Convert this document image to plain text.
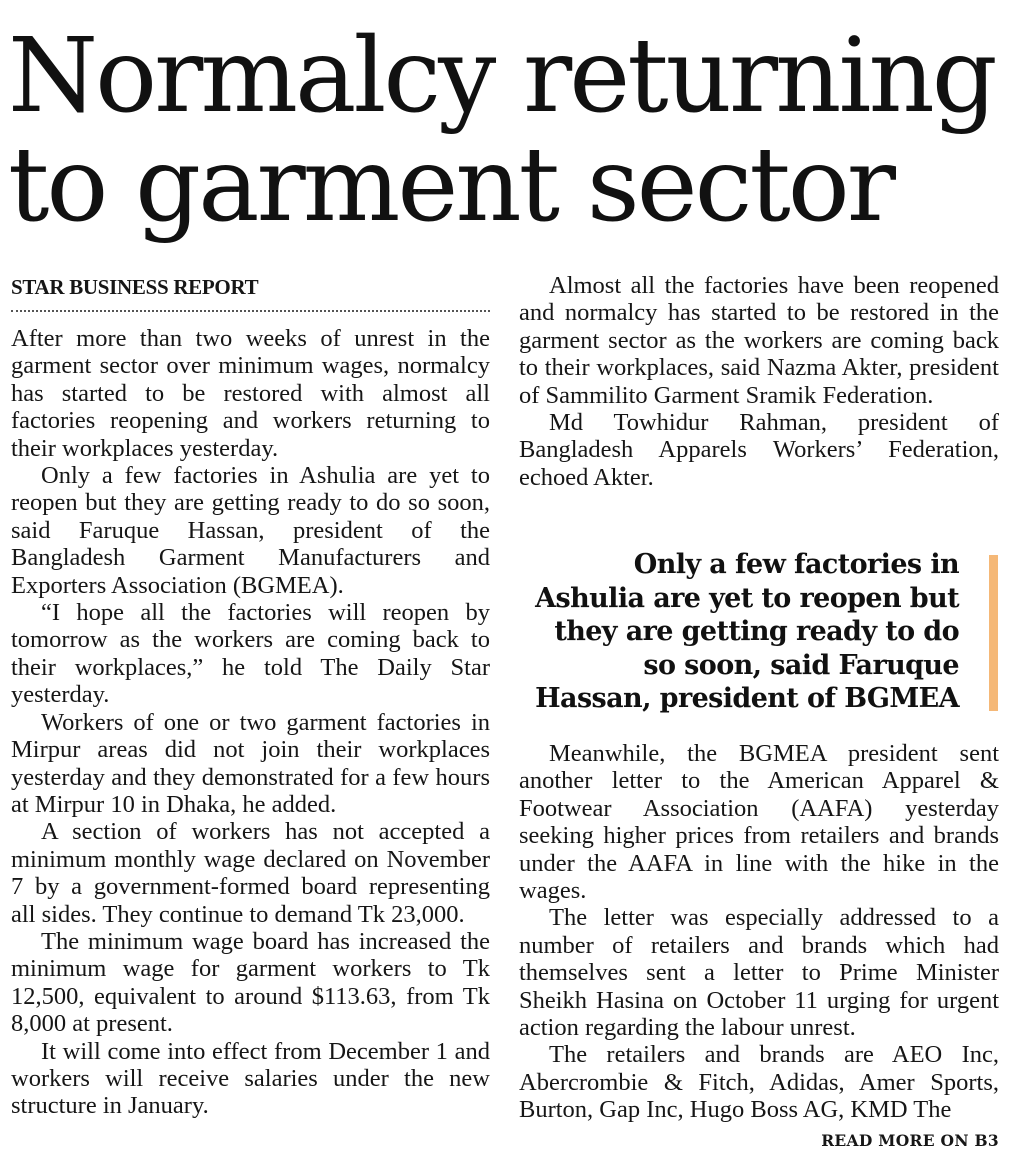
Normalcy returning
to garment sector
STAR BUSINESS REPORT

After more than two weeks of unrest in the garment sector over minimum wages, normalcy has started to be restored with almost all factories reopening and workers returning to their workplaces yesterday.

Only a few factories in Ashulia are yet to reopen but they are getting ready to do so soon, said Faruque Hassan, president of the Bangladesh Garment Manufacturers and Exporters Association (BGMEA).

“I hope all the factories will reopen by tomorrow as the workers are coming back to their workplaces,” he told The Daily Star yesterday.

Workers of one or two garment factories in Mirpur areas did not join their workplaces yesterday and they demonstrated for a few hours at Mirpur 10 in Dhaka, he added.

A section of workers has not accepted a minimum monthly wage declared on November 7 by a government-formed board representing all sides. They continue to demand Tk 23,000.

The minimum wage board has increased the minimum wage for garment workers to Tk 12,500, equivalent to around $113.63, from Tk 8,000 at present.

It will come into effect from December 1 and workers will receive salaries under the new structure in January.

Almost all the factories have been reopened and normalcy has started to be restored in the garment sector as the workers are coming back to their workplaces, said Nazma Akter, president of Sammilito Garment Sramik Federation.

Md Towhidur Rahman, president of Bangladesh Apparels Workers’ Federation, echoed Akter.

Only a few factories in Ashulia are yet to reopen but they are getting ready to do so soon, said Faruque Hassan, president of BGMEA

Meanwhile, the BGMEA president sent another letter to the American Apparel & Footwear Association (AAFA) yesterday seeking higher prices from retailers and brands under the AAFA in line with the hike in the wages.

The letter was especially addressed to a number of retailers and brands which had themselves sent a letter to Prime Minister Sheikh Hasina on October 11 urging for urgent action regarding the labour unrest.

The retailers and brands are AEO Inc, Abercrombie & Fitch, Adidas, Amer Sports, Burton, Gap Inc, Hugo Boss AG, KMD The

READ MORE ON B3
